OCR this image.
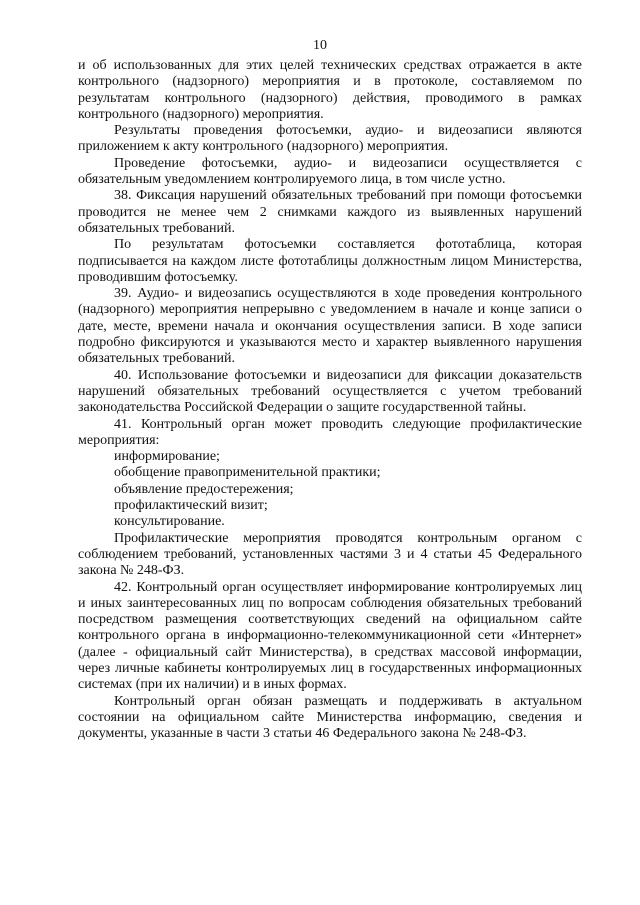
10

и об использованных для этих целей технических средствах отражается в акте контрольного (надзорного) мероприятия и в протоколе, составляемом по результатам контрольного (надзорного) действия, проводимого в рамках контрольного (надзорного) мероприятия.

Результаты проведения фотосъемки, аудио- и видеозаписи являются приложением к акту контрольного (надзорного) мероприятия.

Проведение фотосъемки, аудио- и видеозаписи осуществляется с обязательным уведомлением контролируемого лица, в том числе устно.

38. Фиксация нарушений обязательных требований при помощи фотосъемки проводится не менее чем 2 снимками каждого из выявленных нарушений обязательных требований.

По результатам фотосъемки составляется фототаблица, которая подписывается на каждом листе фототаблицы должностным лицом Министерства, проводившим фотосъемку.

39. Аудио- и видеозапись осуществляются в ходе проведения контрольного (надзорного) мероприятия непрерывно с уведомлением в начале и конце записи о дате, месте, времени начала и окончания осуществления записи. В ходе записи подробно фиксируются и указываются место и характер выявленного нарушения обязательных требований.

40. Использование фотосъемки и видеозаписи для фиксации доказательств нарушений обязательных требований осуществляется с учетом требований законодательства Российской Федерации о защите государственной тайны.

41. Контрольный орган может проводить следующие профилактические мероприятия:

информирование;

обобщение правоприменительной практики;

объявление предостережения;

профилактический визит;

консультирование.

Профилактические мероприятия проводятся контрольным органом с соблюдением требований, установленных частями 3 и 4 статьи 45 Федерального закона № 248-ФЗ.

42. Контрольный орган осуществляет информирование контролируемых лиц и иных заинтересованных лиц по вопросам соблюдения обязательных требований посредством размещения соответствующих сведений на официальном сайте контрольного органа в информационно-телекоммуникационной сети «Интернет» (далее - официальный сайт Министерства), в средствах массовой информации, через личные кабинеты контролируемых лиц в государственных информационных системах (при их наличии) и в иных формах.

Контрольный орган обязан размещать и поддерживать в актуальном состоянии на официальном сайте Министерства информацию, сведения и документы, указанные в части 3 статьи 46 Федерального закона № 248-ФЗ.
